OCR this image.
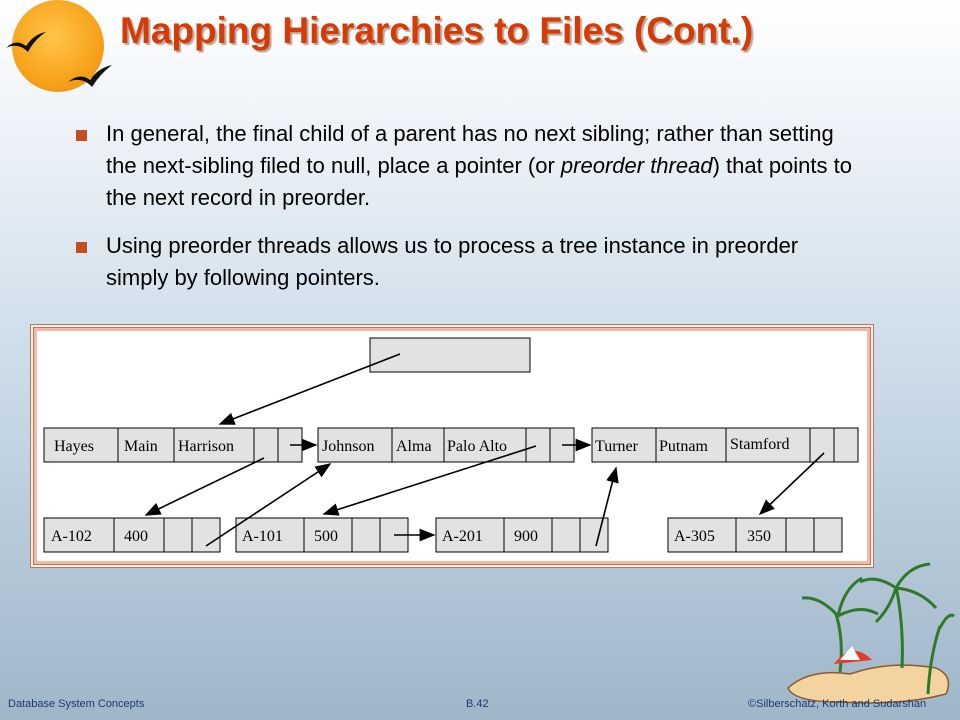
Mapping Hierarchies to Files (Cont.)
In general, the final child of a parent has no next sibling; rather than setting the next-sibling filed to null, place a pointer (or preorder thread) that points to the next record in preorder.
Using preorder threads allows us to process a tree instance in preorder simply by following pointers.
Hayes Main Harrison	Johnson Alma Palo Alto	Turner Putnam Stamford
A-102 400	A-101 500	A-201 900	A-305 350
Database System Concepts	B.42	©Silberschatz, Korth and Sudarshan
